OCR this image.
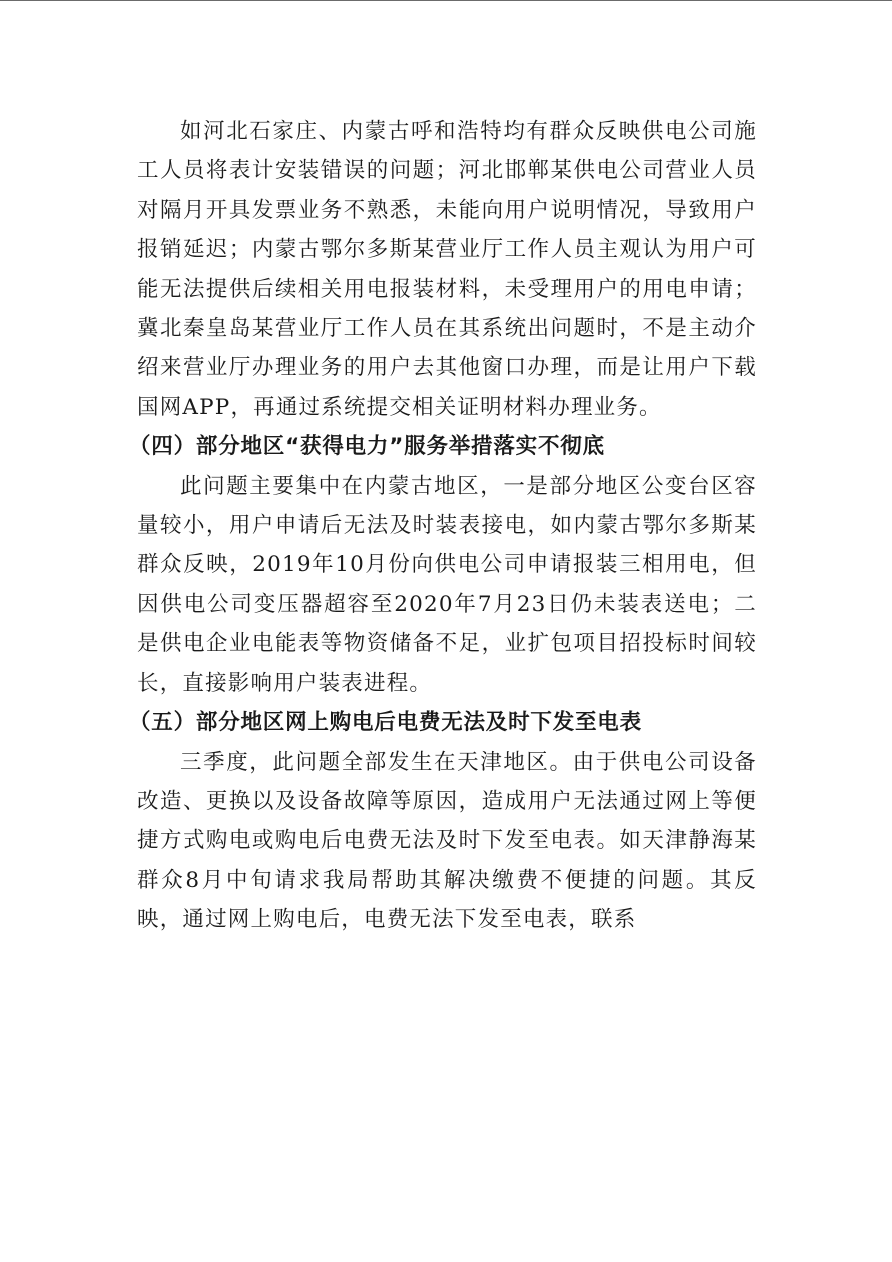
如河北石家庄、内蒙古呼和浩特均有群众反映供电公司施工人员将表计安装错误的问题；河北邯郸某供电公司营业人员对隔月开具发票业务不熟悉，未能向用户说明情况，导致用户报销延迟；内蒙古鄂尔多斯某营业厅工作人员主观认为用户可能无法提供后续相关用电报装材料，未受理用户的用电申请；冀北秦皇岛某营业厅工作人员在其系统出问题时，不是主动介绍来营业厅办理业务的用户去其他窗口办理，而是让用户下载国网APP，再通过系统提交相关证明材料办理业务。

（四）部分地区“获得电力”服务举措落实不彻底

此问题主要集中在内蒙古地区，一是部分地区公变台区容量较小，用户申请后无法及时装表接电，如内蒙古鄂尔多斯某群众反映，2019年10月份向供电公司申请报装三相用电，但因供电公司变压器超容至2020年7月23日仍未装表送电；二是供电企业电能表等物资储备不足，业扩包项目招投标时间较长，直接影响用户装表进程。

（五）部分地区网上购电后电费无法及时下发至电表

三季度，此问题全部发生在天津地区。由于供电公司设备改造、更换以及设备故障等原因，造成用户无法通过网上等便捷方式购电或购电后电费无法及时下发至电表。如天津静海某群众8月中旬请求我局帮助其解决缴费不便捷的问题。其反映，通过网上购电后，电费无法下发至电表，联系
